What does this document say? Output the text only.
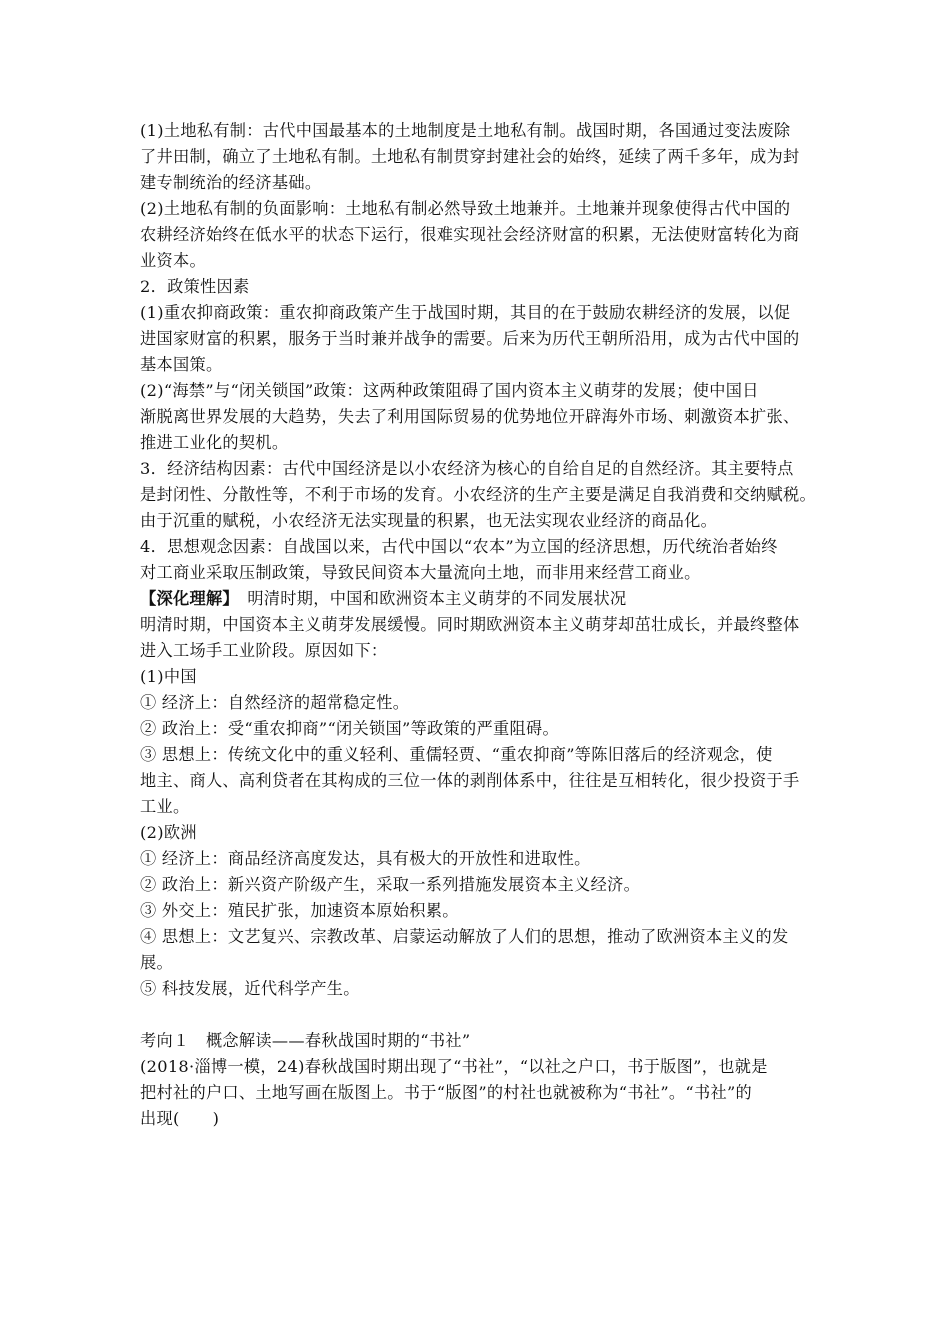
(1)土地私有制：古代中国最基本的土地制度是土地私有制。战国时期，各国通过变法废除
了井田制，确立了土地私有制。土地私有制贯穿封建社会的始终，延续了两千多年，成为封
建专制统治的经济基础。
(2)土地私有制的负面影响：土地私有制必然导致土地兼并。土地兼并现象使得古代中国的
农耕经济始终在低水平的状态下运行，很难实现社会经济财富的积累，无法使财富转化为商
业资本。
2．政策性因素
(1)重农抑商政策：重农抑商政策产生于战国时期，其目的在于鼓励农耕经济的发展，以促
进国家财富的积累，服务于当时兼并战争的需要。后来为历代王朝所沿用，成为古代中国的
基本国策。
(2)“海禁”与“闭关锁国”政策：这两种政策阻碍了国内资本主义萌芽的发展；使中国日
渐脱离世界发展的大趋势，失去了利用国际贸易的优势地位开辟海外市场、刺激资本扩张、
推进工业化的契机。
3．经济结构因素：古代中国经济是以小农经济为核心的自给自足的自然经济。其主要特点
是封闭性、分散性等，不利于市场的发育。小农经济的生产主要是满足自我消费和交纳赋税。
由于沉重的赋税，小农经济无法实现量的积累，也无法实现农业经济的商品化。
4．思想观念因素：自战国以来，古代中国以“农本”为立国的经济思想，历代统治者始终
对工商业采取压制政策，导致民间资本大量流向土地，而非用来经营工商业。
【深化理解】　明清时期，中国和欧洲资本主义萌芽的不同发展状况
明清时期，中国资本主义萌芽发展缓慢。同时期欧洲资本主义萌芽却茁壮成长，并最终整体
进入工场手工业阶段。原因如下：
(1)中国
① 经济上：自然经济的超常稳定性。
② 政治上：受“重农抑商”“闭关锁国”等政策的严重阻碍。
③ 思想上：传统文化中的重义轻利、重儒轻贾、“重农抑商”等陈旧落后的经济观念，使
地主、商人、高利贷者在其构成的三位一体的剥削体系中，往往是互相转化，很少投资于手
工业。
(2)欧洲
① 经济上：商品经济高度发达，具有极大的开放性和进取性。
② 政治上：新兴资产阶级产生，采取一系列措施发展资本主义经济。
③ 外交上：殖民扩张，加速资本原始积累。
④ 思想上：文艺复兴、宗教改革、启蒙运动解放了人们的思想，推动了欧洲资本主义的发
展。
⑤ 科技发展，近代科学产生。
考向１　概念解读——春秋战国时期的“书社”
(2018·淄博一模，24)春秋战国时期出现了“书社”，“以社之户口，书于版图”，也就是
把村社的户口、土地写画在版图上。书于“版图”的村社也就被称为“书社”。“书社”的
出现(　　)
